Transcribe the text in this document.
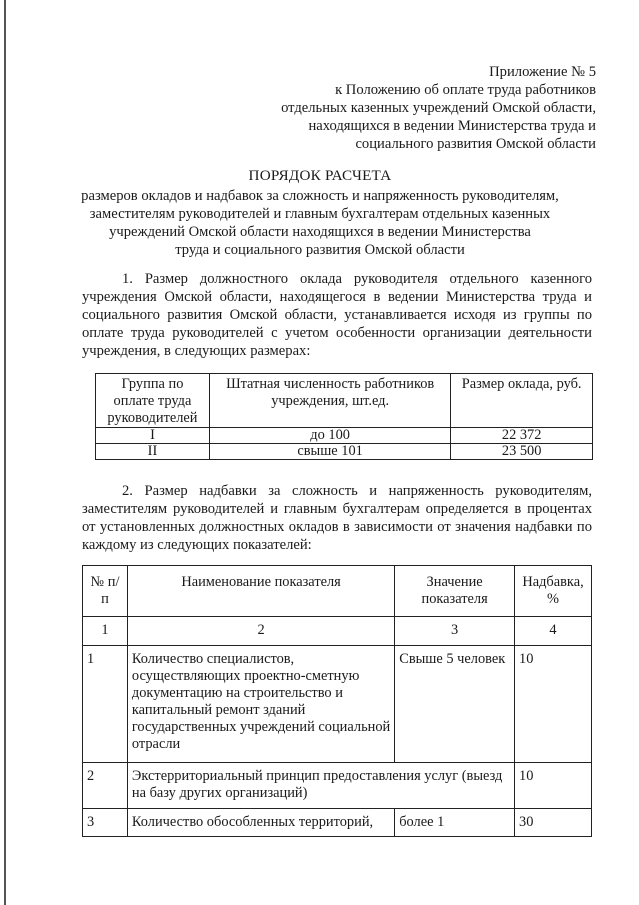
Приложение № 5
к Положению об оплате труда работников
отдельных казенных учреждений Омской области,
находящихся в ведении Министерства труда и
социального развития Омской области
ПОРЯДОК РАСЧЕТА
размеров окладов и надбавок за сложность и напряженность руководителям,
заместителям руководителей и главным бухгалтерам отдельных казенных
учреждений Омской области находящихся в ведении Министерства
труда и социального развития Омской области

1. Размер должностного оклада руководителя отдельного казенного учреждения Омской области, находящегося в ведении Министерства труда и социального развития Омской области, устанавливается исходя из группы по оплате труда руководителей с учетом особенности организации деятельности учреждения, в следующих размерах:

Группа по оплате труда руководителей	Штатная численность работников учреждения, шт.ед.	Размер оклада, руб.
I	до 100	22 372
II	свыше 101	23 500

2. Размер надбавки за сложность и напряженность руководителям, заместителям руководителей и главным бухгалтерам определяется в процентах от установленных должностных окладов в зависимости от значения надбавки по каждому из следующих показателей:

№ п/п	Наименование показателя	Значение показателя	Надбавка, %
1	2	3	4
1	Количество специалистов, осуществляющих проектно-сметную документацию на строительство и капитальный ремонт зданий государственных учреждений социальной отрасли	Свыше 5 человек	10
2	Экстерриториальный принцип предоставления услуг (выезд на базу других организаций)		10
3	Количество обособленных территорий,	более 1	30
